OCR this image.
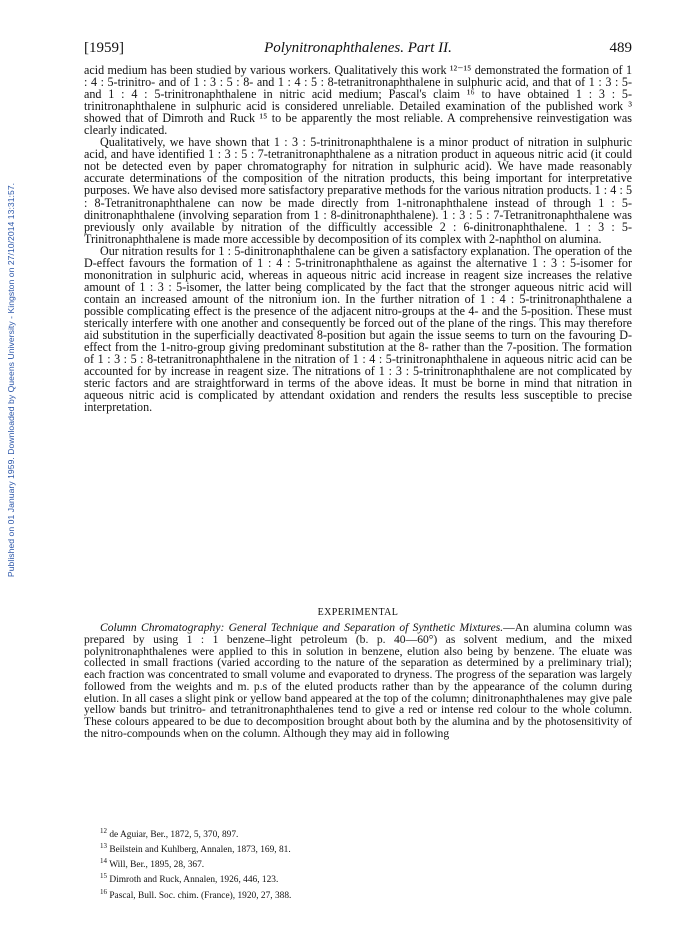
Published on 01 January 1959. Downloaded by Queens University - Kingston on 27/10/2014 13:31:57.
[1959]	Polynitronaphthalenes. Part II.	489

acid medium has been studied by various workers. Qualitatively this work ¹²⁻¹⁵ demonstrated the formation of 1 : 4 : 5-trinitro- and of 1 : 3 : 5 : 8- and 1 : 4 : 5 : 8-tetranitronaphthalene in sulphuric acid, and that of 1 : 3 : 5- and 1 : 4 : 5-trinitronaphthalene in nitric acid medium; Pascal's claim ¹⁶ to have obtained 1 : 3 : 5-trinitronaphthalene in sulphuric acid is considered unreliable. Detailed examination of the published work ³ showed that of Dimroth and Ruck ¹⁵ to be apparently the most reliable. A comprehensive reinvestigation was clearly indicated.

Qualitatively, we have shown that 1 : 3 : 5-trinitronaphthalene is a minor product of nitration in sulphuric acid, and have identified 1 : 3 : 5 : 7-tetranitronaphthalene as a nitration product in aqueous nitric acid (it could not be detected even by paper chromatography for nitration in sulphuric acid). We have made reasonably accurate determinations of the composition of the nitration products, this being important for interpretative purposes. We have also devised more satisfactory preparative methods for the various nitration products. 1 : 4 : 5 : 8-Tetranitronaphthalene can now be made directly from 1-nitronaphthalene instead of through 1 : 5-dinitronaphthalene (involving separation from 1 : 8-dinitronaphthalene). 1 : 3 : 5 : 7-Tetranitronaphthalene was previously only available by nitration of the difficultly accessible 2 : 6-dinitronaphthalene. 1 : 3 : 5-Trinitronaphthalene is made more accessible by decomposition of its complex with 2-naphthol on alumina.

Our nitration results for 1 : 5-dinitronaphthalene can be given a satisfactory explanation. The operation of the D-effect favours the formation of 1 : 4 : 5-trinitronaphthalene as against the alternative 1 : 3 : 5-isomer for mononitration in sulphuric acid, whereas in aqueous nitric acid increase in reagent size increases the relative amount of 1 : 3 : 5-isomer, the latter being complicated by the fact that the stronger aqueous nitric acid will contain an increased amount of the nitronium ion. In the further nitration of 1 : 4 : 5-trinitronaphthalene a possible complicating effect is the presence of the adjacent nitro-groups at the 4- and the 5-position. These must sterically interfere with one another and consequently be forced out of the plane of the rings. This may therefore aid substitution in the superficially deactivated 8-position but again the issue seems to turn on the favouring D-effect from the 1-nitro-group giving predominant substitution at the 8- rather than the 7-position. The formation of 1 : 3 : 5 : 8-tetranitronaphthalene in the nitration of 1 : 4 : 5-trinitronaphthalene in aqueous nitric acid can be accounted for by increase in reagent size. The nitrations of 1 : 3 : 5-trinitronaphthalene are not complicated by steric factors and are straightforward in terms of the above ideas. It must be borne in mind that nitration in aqueous nitric acid is complicated by attendant oxidation and renders the results less susceptible to precise interpretation.

EXPERIMENTAL

Column Chromatography: General Technique and Separation of Synthetic Mixtures.—An alumina column was prepared by using 1 : 1 benzene–light petroleum (b. p. 40—60°) as solvent medium, and the mixed polynitronaphthalenes were applied to this in solution in benzene, elution also being by benzene. The eluate was collected in small fractions (varied according to the nature of the separation as determined by a preliminary trial); each fraction was concentrated to small volume and evaporated to dryness. The progress of the separation was largely followed from the weights and m. p.s of the eluted products rather than by the appearance of the column during elution. In all cases a slight pink or yellow band appeared at the top of the column; dinitronaphthalenes may give pale yellow bands but trinitro- and tetranitronaphthalenes tend to give a red or intense red colour to the whole column. These colours appeared to be due to decomposition brought about both by the alumina and by the photosensitivity of the nitro-compounds when on the column. Although they may aid in following

$^{12}$ de Aguiar, Ber., 1872, 5, 370, 897.
$^{13}$ Beilstein and Kuhlberg, Annalen, 1873, 169, 81.
$^{14}$ Will, Ber., 1895, 28, 367.
$^{15}$ Dimroth and Ruck, Annalen, 1926, 446, 123.
$^{16}$ Pascal, Bull. Soc. chim. (France), 1920, 27, 388.
